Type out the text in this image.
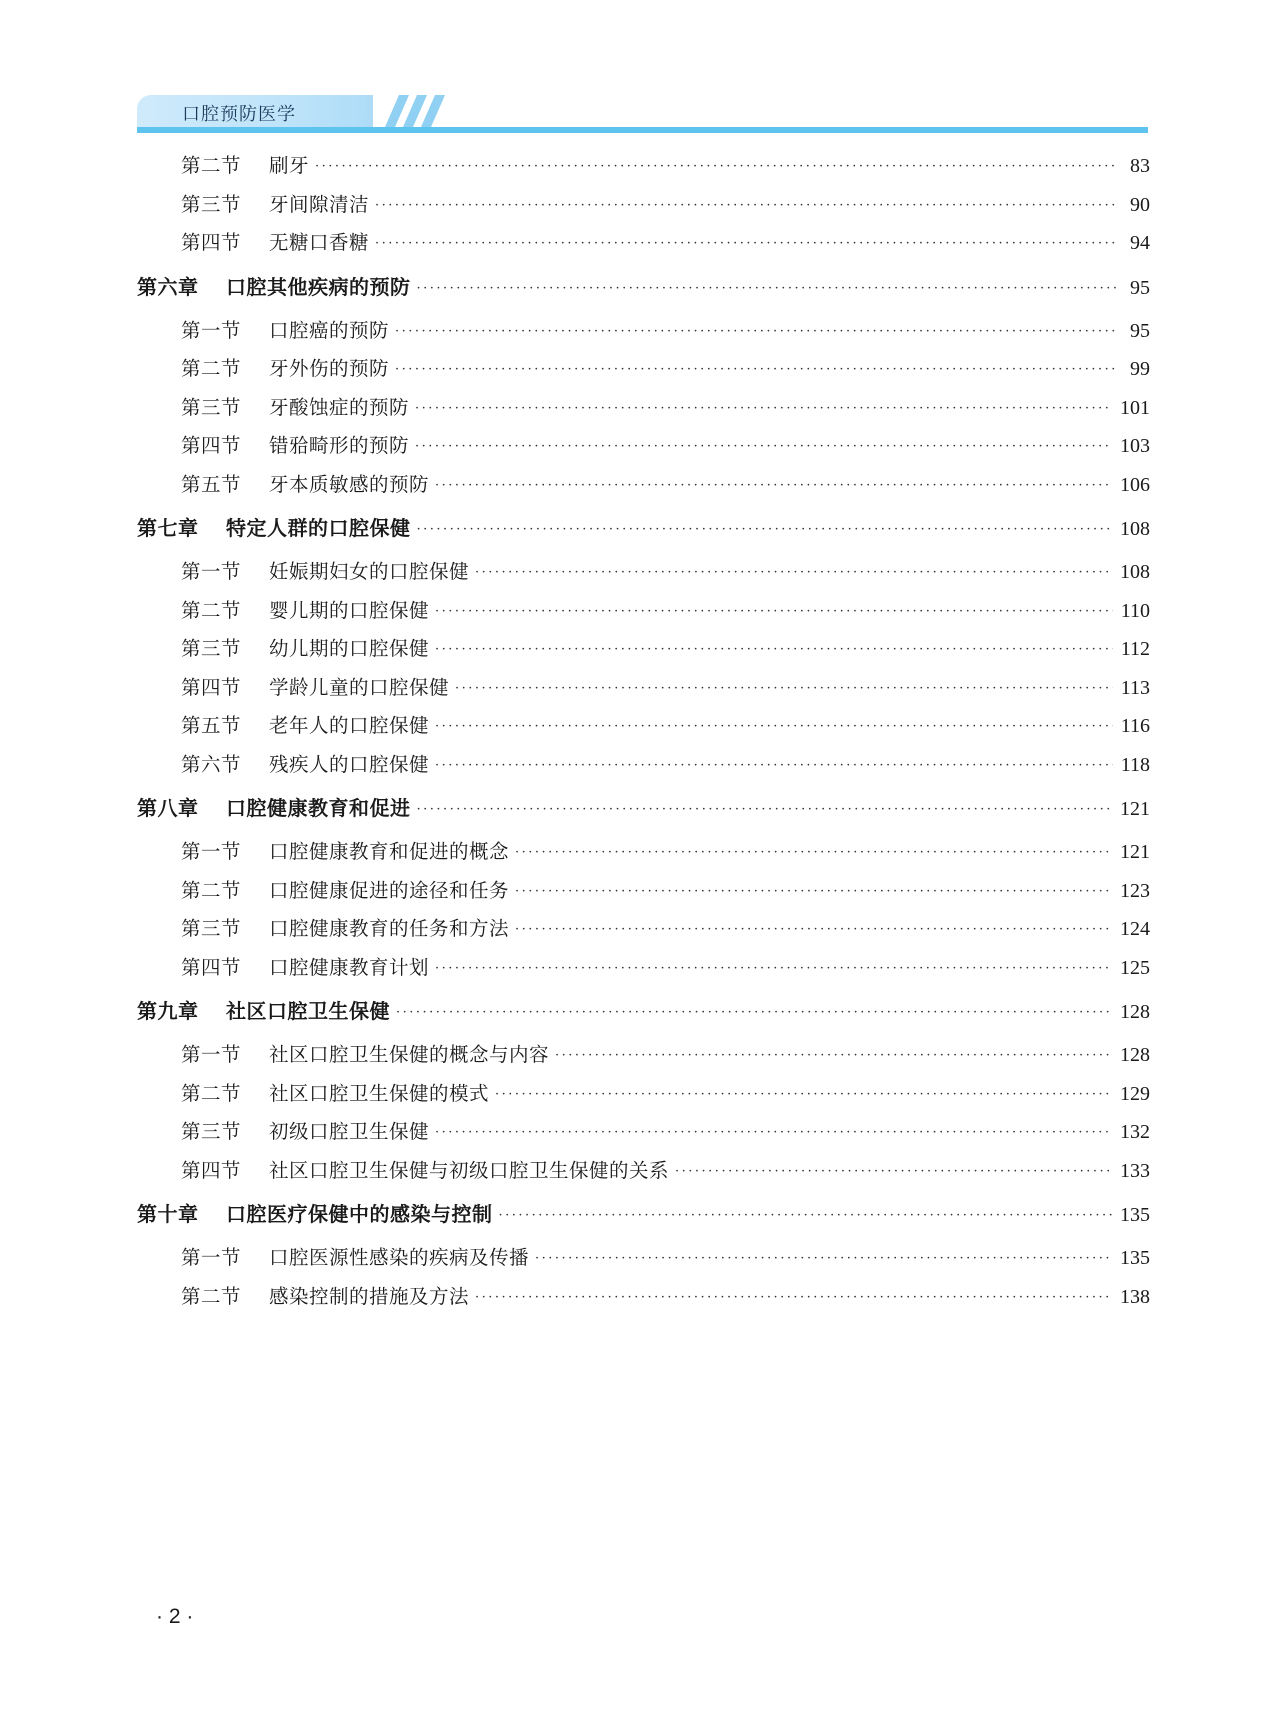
口腔预防医学
第二节	刷牙 ·····	83
第三节	牙间隙清洁 ·····	90
第四节	无糖口香糖 ·····	94
第六章	口腔其他疾病的预防 ·····	95
第一节	口腔癌的预防 ·····	95
第二节	牙外伤的预防 ·····	99
第三节	牙酸蚀症的预防 ·····	101
第四节	错𬌗畸形的预防 ·····	103
第五节	牙本质敏感的预防 ·····	106
第七章	特定人群的口腔保健 ·····	108
第一节	妊娠期妇女的口腔保健 ·····	108
第二节	婴儿期的口腔保健 ·····	110
第三节	幼儿期的口腔保健 ·····	112
第四节	学龄儿童的口腔保健 ·····	113
第五节	老年人的口腔保健 ·····	116
第六节	残疾人的口腔保健 ·····	118
第八章	口腔健康教育和促进 ·····	121
第一节	口腔健康教育和促进的概念 ·····	121
第二节	口腔健康促进的途径和任务 ·····	123
第三节	口腔健康教育的任务和方法 ·····	124
第四节	口腔健康教育计划 ·····	125
第九章	社区口腔卫生保健 ·····	128
第一节	社区口腔卫生保健的概念与内容 ·····	128
第二节	社区口腔卫生保健的模式 ·····	129
第三节	初级口腔卫生保健 ·····	132
第四节	社区口腔卫生保健与初级口腔卫生保健的关系 ·····	133
第十章	口腔医疗保健中的感染与控制 ·····	135
第一节	口腔医源性感染的疾病及传播 ·····	135
第二节	感染控制的措施及方法 ·····	138
· 2 ·
